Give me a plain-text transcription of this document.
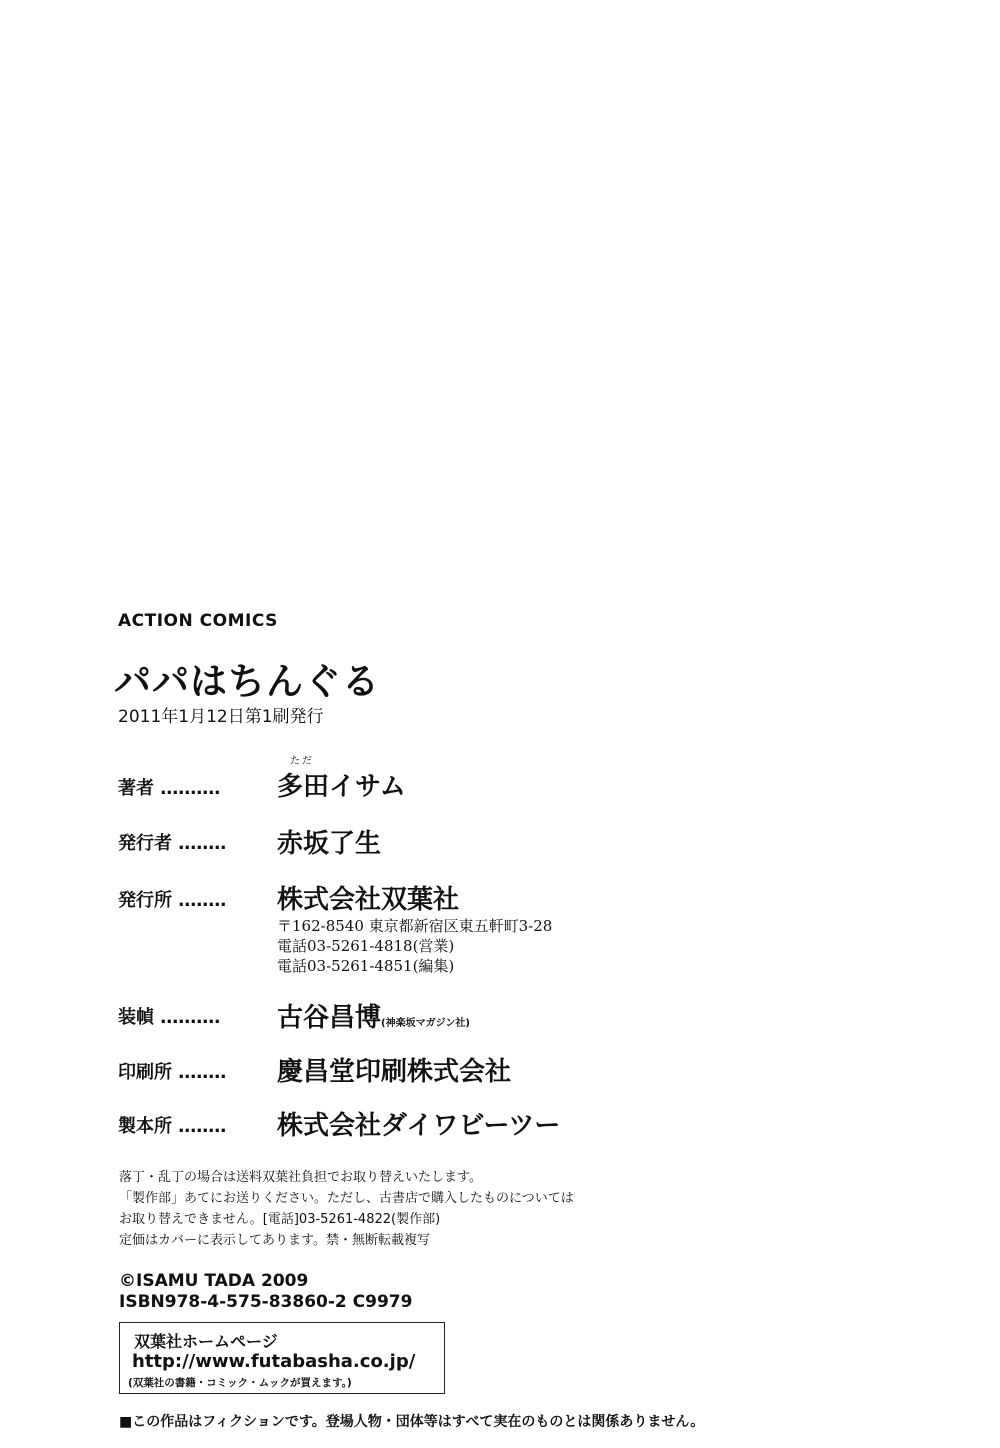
ACTION COMICS
パパはちんぐる
2011年1月12日第1刷発行
ただ
著者 ‥‥‥‥‥ 多田イサム
発行者 ‥‥‥‥ 赤坂了生
発行所 ‥‥‥‥ 株式会社双葉社
〒162-8540 東京都新宿区東五軒町3-28
電話03-5261-4818(営業)
電話03-5261-4851(編集)
装幀 ‥‥‥‥‥ 古谷昌博(神楽坂マガジン社)
印刷所 ‥‥‥‥ 慶昌堂印刷株式会社
製本所 ‥‥‥‥ 株式会社ダイワビーツー
落丁・乱丁の場合は送料双葉社負担でお取り替えいたします。
「製作部」あてにお送りください。ただし、古書店で購入したものについては
お取り替えできません。[電話]03-5261-4822(製作部)
定価はカバーに表示してあります。禁・無断転載複写
©ISAMU TADA 2009
ISBN978-4-575-83860-2 C9979
双葉社ホームページ
http://www.futabasha.co.jp/
(双葉社の書籍・コミック・ムックが買えます。)
■この作品はフィクションです。登場人物・団体等はすべて実在のものとは関係ありません。
